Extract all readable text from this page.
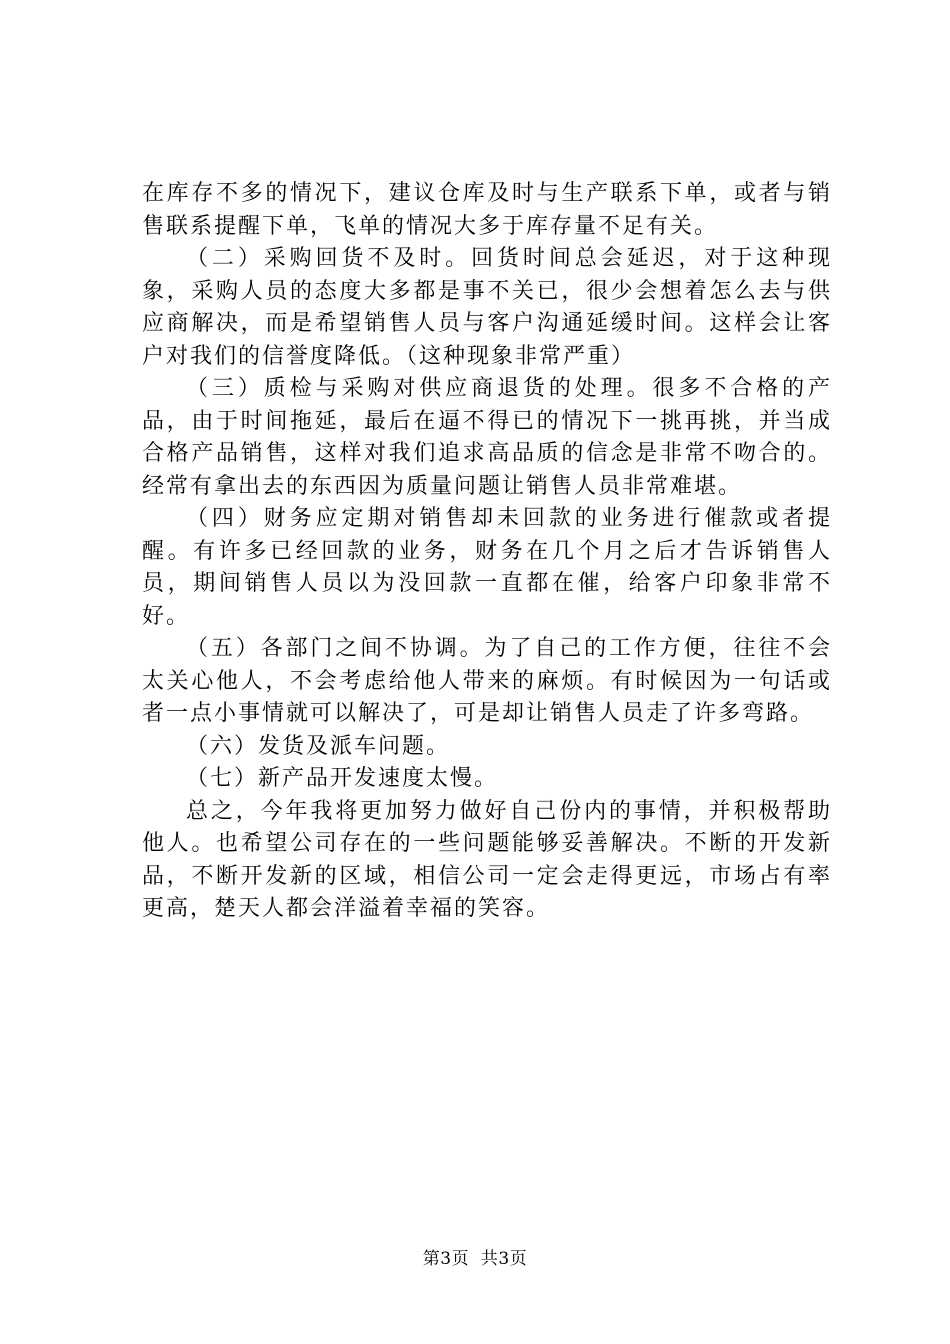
在库存不多的情况下，建议仓库及时与生产联系下单，或者与销售联系提醒下单，飞单的情况大多于库存量不足有关。

（二）采购回货不及时。回货时间总会延迟，对于这种现象，采购人员的态度大多都是事不关已，很少会想着怎么去与供应商解决，而是希望销售人员与客户沟通延缓时间。这样会让客户对我们的信誉度降低。（这种现象非常严重）

（三）质检与采购对供应商退货的处理。很多不合格的产品，由于时间拖延，最后在逼不得已的情况下一挑再挑，并当成合格产品销售，这样对我们追求高品质的信念是非常不吻合的。经常有拿出去的东西因为质量问题让销售人员非常难堪。

（四）财务应定期对销售却未回款的业务进行催款或者提醒。有许多已经回款的业务，财务在几个月之后才告诉销售人员，期间销售人员以为没回款一直都在催，给客户印象非常不好。

（五）各部门之间不协调。为了自己的工作方便，往往不会太关心他人，不会考虑给他人带来的麻烦。有时候因为一句话或者一点小事情就可以解决了，可是却让销售人员走了许多弯路。

（六）发货及派车问题。

（七）新产品开发速度太慢。

总之，今年我将更加努力做好自己份内的事情，并积极帮助他人。也希望公司存在的一些问题能够妥善解决。不断的开发新品，不断开发新的区域，相信公司一定会走得更远，市场占有率更高，楚天人都会洋溢着幸福的笑容。

第3页  共3页
